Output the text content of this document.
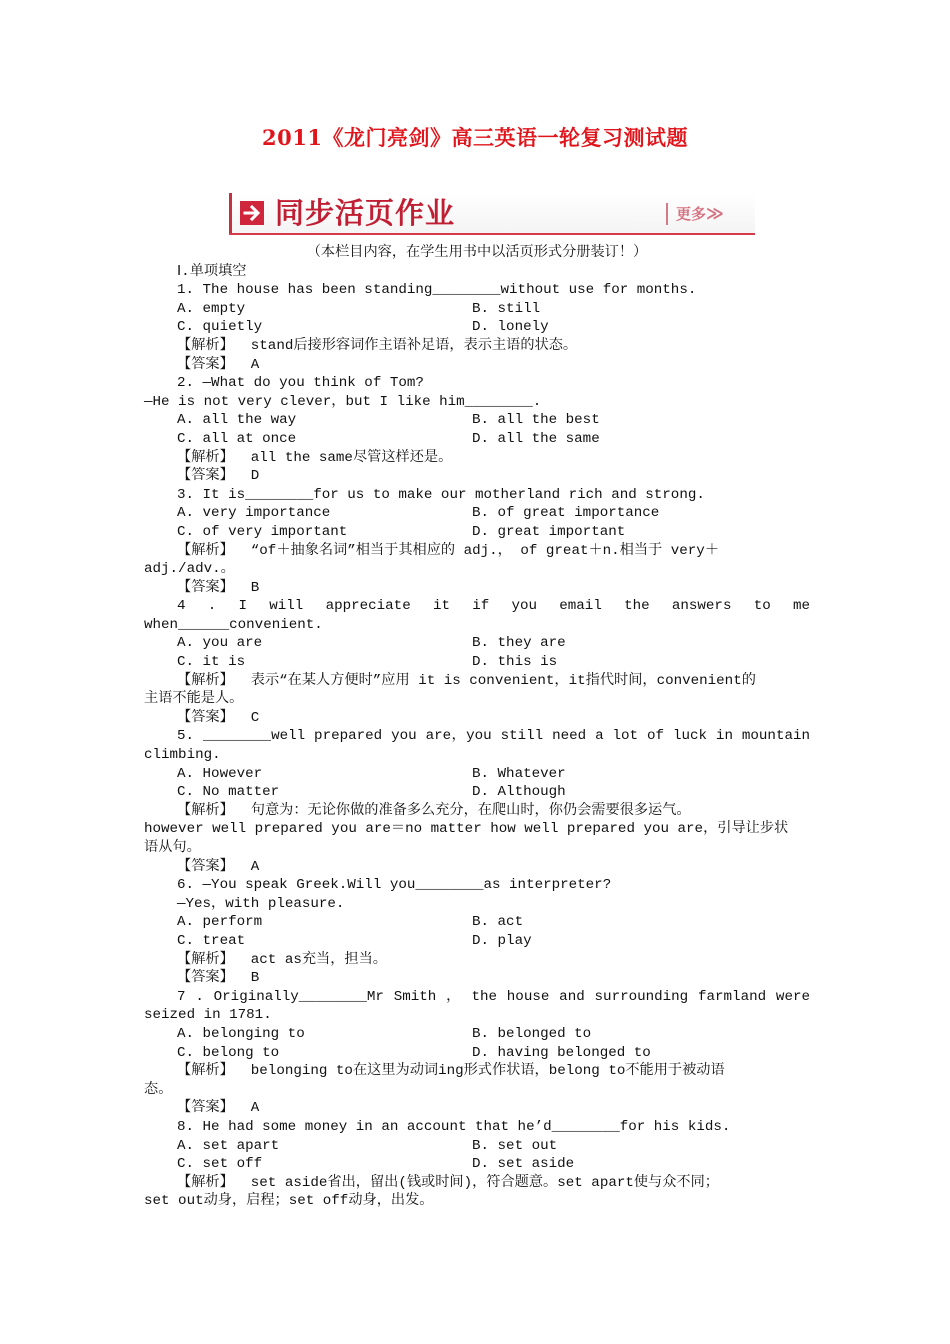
2011《龙门亮剑》高三英语一轮复习测试题
同步活页作业	更多≫
（本栏目内容，在学生用书中以活页形式分册装订！）
Ⅰ.单项填空
1. The house has been standing________without use for months.
A. empty	B. still
C. quietly	D. lonely
【解析】  stand后接形容词作主语补足语，表示主语的状态。
【答案】  A
2. —What do you think of Tom?
—He is not very clever，but I like him________.
A. all the way	B. all the best
C. all at once	D. all the same
【解析】  all the same尽管这样还是。
【答案】  D
3. It is________for us to make our motherland rich and strong.
A. very importance	B. of great importance
C. of very important	D. great important
【解析】  “of＋抽象名词”相当于其相应的 adj.， of great＋n.相当于 very＋
adj./adv.。
【答案】  B
4 . I will appreciate it if you email the answers to me
when______convenient.
A. you are	B. they are
C. it is	D. this is
【解析】  表示“在某人方便时”应用 it is convenient，it指代时间，convenient的
主语不能是人。
【答案】  C
5. ________well prepared you are，you still need a lot of luck in mountain
climbing.
A. However	B. Whatever
C. No matter	D. Although
【解析】  句意为：无论你做的准备多么充分，在爬山时，你仍会需要很多运气。
however well prepared you are＝no matter how well prepared you are，引导让步状
语从句。
【答案】  A
6. —You speak Greek.Will you________as interpreter?
—Yes，with pleasure.
A. perform	B. act
C. treat	D. play
【解析】  act as充当，担当。
【答案】  B
7 . Originally________Mr Smith ， the house and surrounding farmland were
seized in 1781.
A. belonging to	B. belonged to
C. belong to	D. having belonged to
【解析】  belonging to在这里为动词ing形式作状语，belong to不能用于被动语
态。
【答案】  A
8. He had some money in an account that he’d________for his kids.
A. set apart	B. set out
C. set off	D. set aside
【解析】  set aside省出，留出(钱或时间)，符合题意。set apart使与众不同；
set out动身，启程；set off动身，出发。
